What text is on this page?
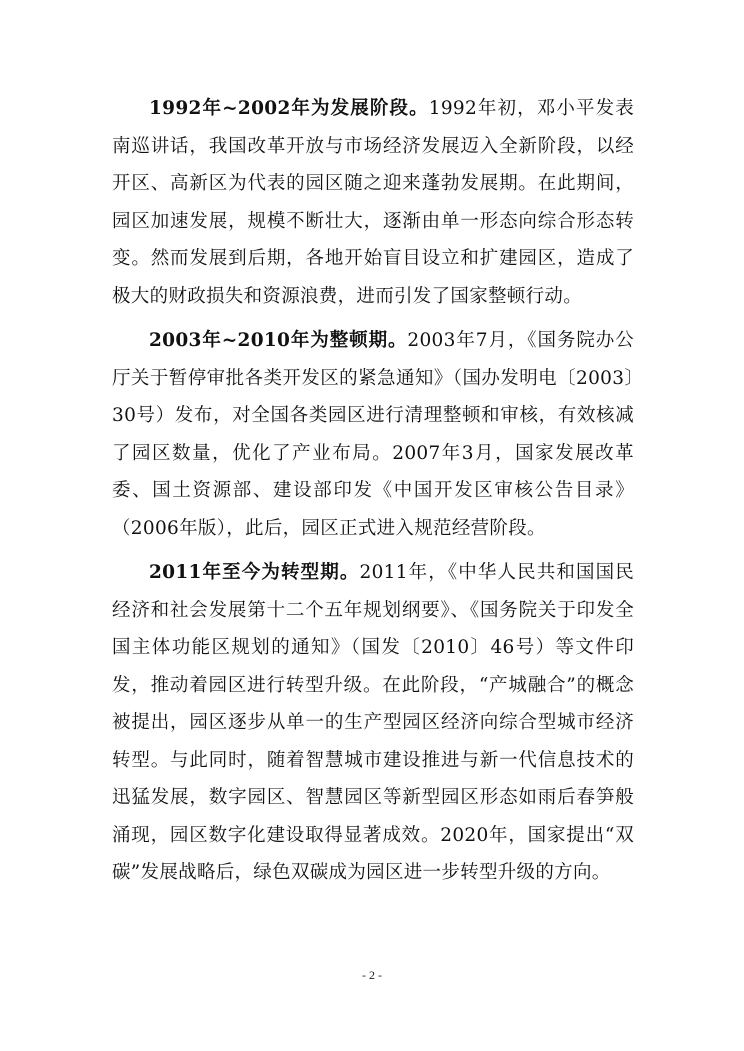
1992年~2002年为发展阶段。1992年初，邓小平发表南巡讲话，我国改革开放与市场经济发展迈入全新阶段，以经开区、高新区为代表的园区随之迎来蓬勃发展期。在此期间，园区加速发展，规模不断壮大，逐渐由单一形态向综合形态转变。然而发展到后期，各地开始盲目设立和扩建园区，造成了极大的财政损失和资源浪费，进而引发了国家整顿行动。

2003年~2010年为整顿期。2003年7月，《国务院办公厅关于暂停审批各类开发区的紧急通知》（国办发明电〔2003〕30号）发布，对全国各类园区进行清理整顿和审核，有效核减了园区数量，优化了产业布局。2007年3月，国家发展改革委、国土资源部、建设部印发《中国开发区审核公告目录》（2006年版），此后，园区正式进入规范经营阶段。

2011年至今为转型期。2011年，《中华人民共和国国民经济和社会发展第十二个五年规划纲要》、《国务院关于印发全国主体功能区规划的通知》（国发〔2010〕46号）等文件印发，推动着园区进行转型升级。在此阶段，“产城融合”的概念被提出，园区逐步从单一的生产型园区经济向综合型城市经济转型。与此同时，随着智慧城市建设推进与新一代信息技术的迅猛发展，数字园区、智慧园区等新型园区形态如雨后春笋般涌现，园区数字化建设取得显著成效。2020年，国家提出“双碳”发展战略后，绿色双碳成为园区进一步转型升级的方向。

- 2 -
